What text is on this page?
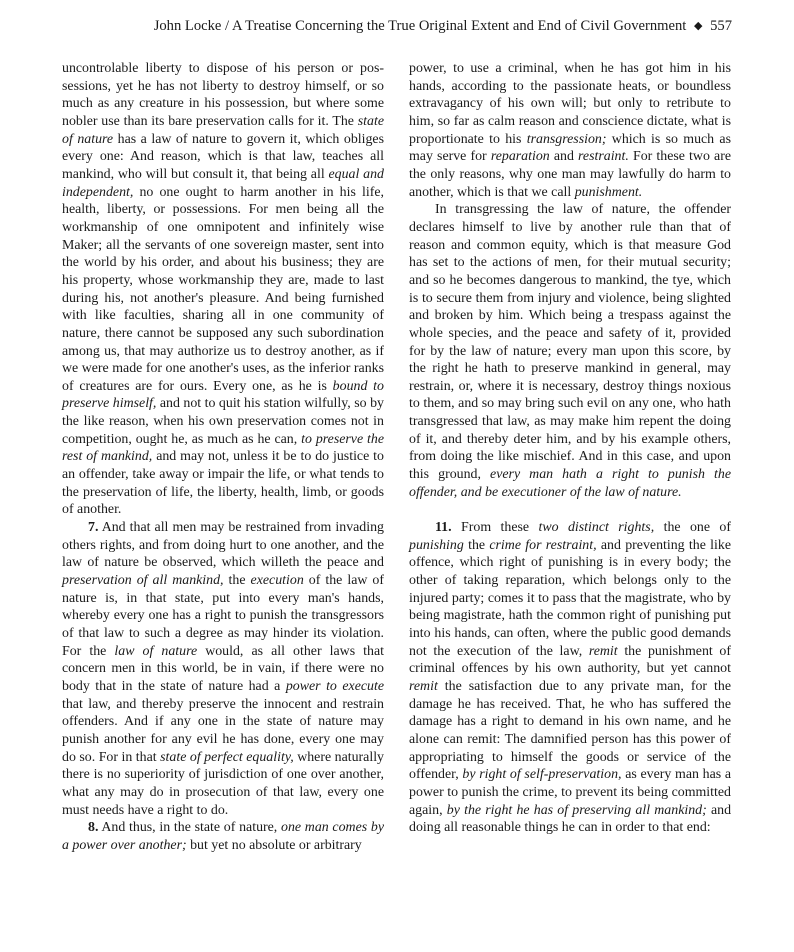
John Locke / A Treatise Concerning the True Original Extent and End of Civil Government ◆ 557

uncontrolable liberty to dispose of his person or possessions, yet he has not liberty to destroy himself, or so much as any creature in his possession, but where some nobler use than its bare preservation calls for it. The state of nature has a law of nature to govern it, which obliges every one: And reason, which is that law, teaches all mankind, who will but consult it, that being all equal and independent, no one ought to harm another in his life, health, liberty, or possessions. For men being all the workmanship of one omnipotent and infinitely wise Maker; all the servants of one sovereign master, sent into the world by his order, and about his business; they are his property, whose workmanship they are, made to last during his, not another's pleasure. And being furnished with like faculties, sharing all in one community of nature, there cannot be supposed any such subordination among us, that may authorize us to destroy another, as if we were made for one another's uses, as the inferior ranks of creatures are for ours. Every one, as he is bound to preserve himself, and not to quit his station wilfully, so by the like reason, when his own preservation comes not in competition, ought he, as much as he can, to preserve the rest of mankind, and may not, unless it be to do justice to an offender, take away or impair the life, or what tends to the preservation of life, the liberty, health, limb, or goods of another.

7. And that all men may be restrained from invading others rights, and from doing hurt to one another, and the law of nature be observed, which willeth the peace and preservation of all mankind, the execution of the law of nature is, in that state, put into every man's hands, whereby every one has a right to punish the transgressors of that law to such a degree as may hinder its violation. For the law of nature would, as all other laws that concern men in this world, be in vain, if there were no body that in the state of nature had a power to execute that law, and thereby preserve the innocent and restrain offenders. And if any one in the state of nature may punish another for any evil he has done, every one may do so. For in that state of perfect equality, where naturally there is no superiority of jurisdiction of one over another, what any may do in prosecution of that law, every one must needs have a right to do.

8. And thus, in the state of nature, one man comes by a power over another; but yet no absolute or arbitrary

power, to use a criminal, when he has got him in his hands, according to the passionate heats, or boundless extravagancy of his own will; but only to retribute to him, so far as calm reason and conscience dictate, what is proportionate to his transgression; which is so much as may serve for reparation and restraint. For these two are the only reasons, why one man may lawfully do harm to another, which is that we call punishment.

In transgressing the law of nature, the offender declares himself to live by another rule than that of reason and common equity, which is that measure God has set to the actions of men, for their mutual security; and so he becomes dangerous to mankind, the tye, which is to secure them from injury and violence, being slighted and broken by him. Which being a trespass against the whole species, and the peace and safety of it, provided for by the law of nature; every man upon this score, by the right he hath to preserve mankind in general, may restrain, or, where it is necessary, destroy things noxious to them, and so may bring such evil on any one, who hath transgressed that law, as may make him repent the doing of it, and thereby deter him, and by his example others, from doing the like mischief. And in this case, and upon this ground, every man hath a right to punish the offender, and be executioner of the law of nature.

11. From these two distinct rights, the one of punishing the crime for restraint, and preventing the like offence, which right of punishing is in every body; the other of taking reparation, which belongs only to the injured party; comes it to pass that the magistrate, who by being magistrate, hath the common right of punishing put into his hands, can often, where the public good demands not the execution of the law, remit the punishment of criminal offences by his own authority, but yet cannot remit the satisfaction due to any private man, for the damage he has received. That, he who has suffered the damage has a right to demand in his own name, and he alone can remit: The damnified person has this power of appropriating to himself the goods or service of the offender, by right of self-preservation, as every man has a power to punish the crime, to prevent its being committed again, by the right he has of preserving all mankind; and doing all reasonable things he can in order to that end:
